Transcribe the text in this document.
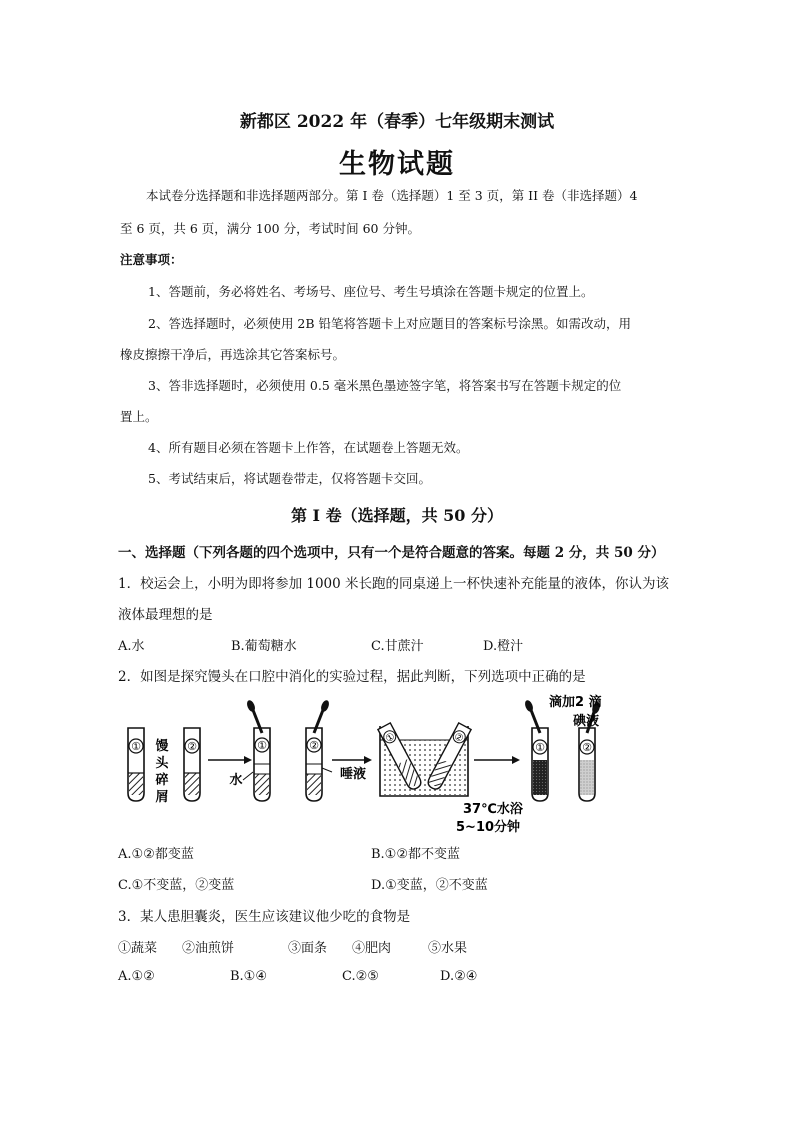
新都区 2022 年（春季）七年级期末测试
生物试题
本试卷分选择题和非选择题两部分。第 I 卷（选择题）1 至 3 页，第 II 卷（非选择题）4
至 6 页，共 6 页，满分 100 分，考试时间 60 分钟。
注意事项：
1、答题前，务必将姓名、考场号、座位号、考生号填涂在答题卡规定的位置上。
2、答选择题时，必须使用 2B 铅笔将答题卡上对应题目的答案标号涂黑。如需改动，用
橡皮擦擦干净后，再选涂其它答案标号。
3、答非选择题时，必须使用 0.5 毫米黑色墨迹签字笔，将答案书写在答题卡规定的位
置上。
4、所有题目必须在答题卡上作答，在试题卷上答题无效。
5、考试结束后，将试题卷带走，仅将答题卡交回。
第 I 卷（选择题，共 50 分）
一、选择题（下列各题的四个选项中，只有一个是符合题意的答案。每题 2 分，共 50 分）
1．校运会上，小明为即将参加 1000 米长跑的同桌递上一杯快速补充能量的液体，你认为该
液体最理想的是
A.水	B.葡萄糖水	C.甘蔗汁	D.橙汁
2．如图是探究馒头在口腔中消化的实验过程，据此判断，下列选项中正确的是
①	②
馒
头
碎
屑
①
水
②
唾液
①	②
37℃水浴
5~10分钟
①	②
滴加2 滴
碘液
A.①②都变蓝	B.①②都不变蓝
C.①不变蓝，②变蓝	D.①变蓝，②不变蓝
3．某人患胆囊炎，医生应该建议他少吃的食物是
①蔬菜 ②油煎饼	③面条 ④肥肉	⑤水果
A.①②	B.①④	C.②⑤	D.②④
